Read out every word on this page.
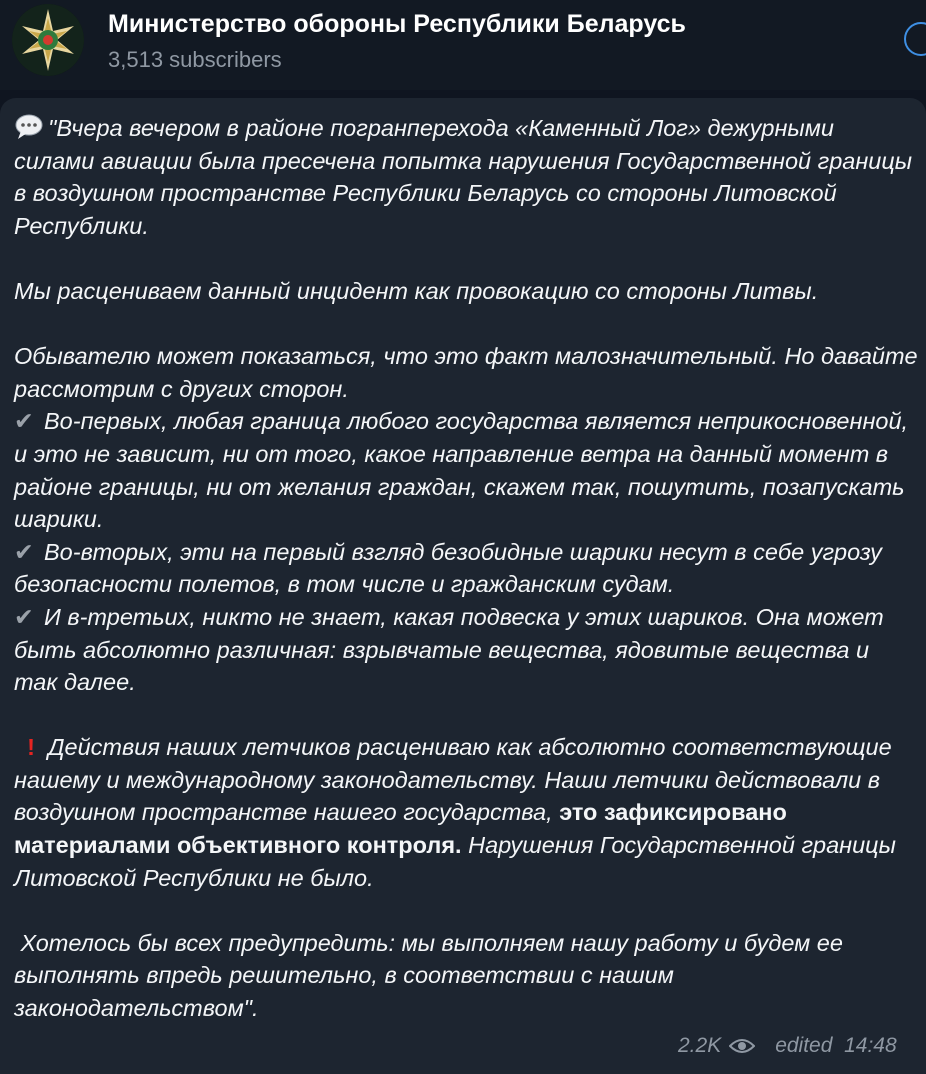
Министерство обороны Республики Беларусь
3,513 subscribers

"Вчера вечером в районе погранперехода «Каменный Лог» дежурными силами авиации была пресечена попытка нарушения Государственной границы в воздушном пространстве Республики Беларусь со стороны Литовской Республики.

Мы расцениваем данный инцидент как провокацию со стороны Литвы.

Обывателю может показаться, что это факт малозначительный. Но давайте рассмотрим с других сторон.

✔ Во-первых, любая граница любого государства является неприкосновенной, и это не зависит, ни от того, какое направление ветра на данный момент в районе границы, ни от желания граждан, скажем так, пошутить, позапускать шарики.

✔ Во-вторых, эти на первый взгляд безобидные шарики несут в себе угрозу безопасности полетов, в том числе и гражданским судам.

✔ И в-третьих, никто не знает, какая подвеска у этих шариков. Она может быть абсолютно различная: взрывчатые вещества, ядовитые вещества и так далее.

! Действия наших летчиков расцениваю как абсолютно соответствующие нашему и международному законодательству. Наши летчики действовали в воздушном пространстве нашего государства, это зафиксировано материалами объективного контроля. Нарушения Государственной границы Литовской Республики не было.

Хотелось бы всех предупредить: мы выполняем нашу работу и будем ее выполнять впредь решительно, в соответствии с нашим законодательством".

2.2K	edited 14:48
